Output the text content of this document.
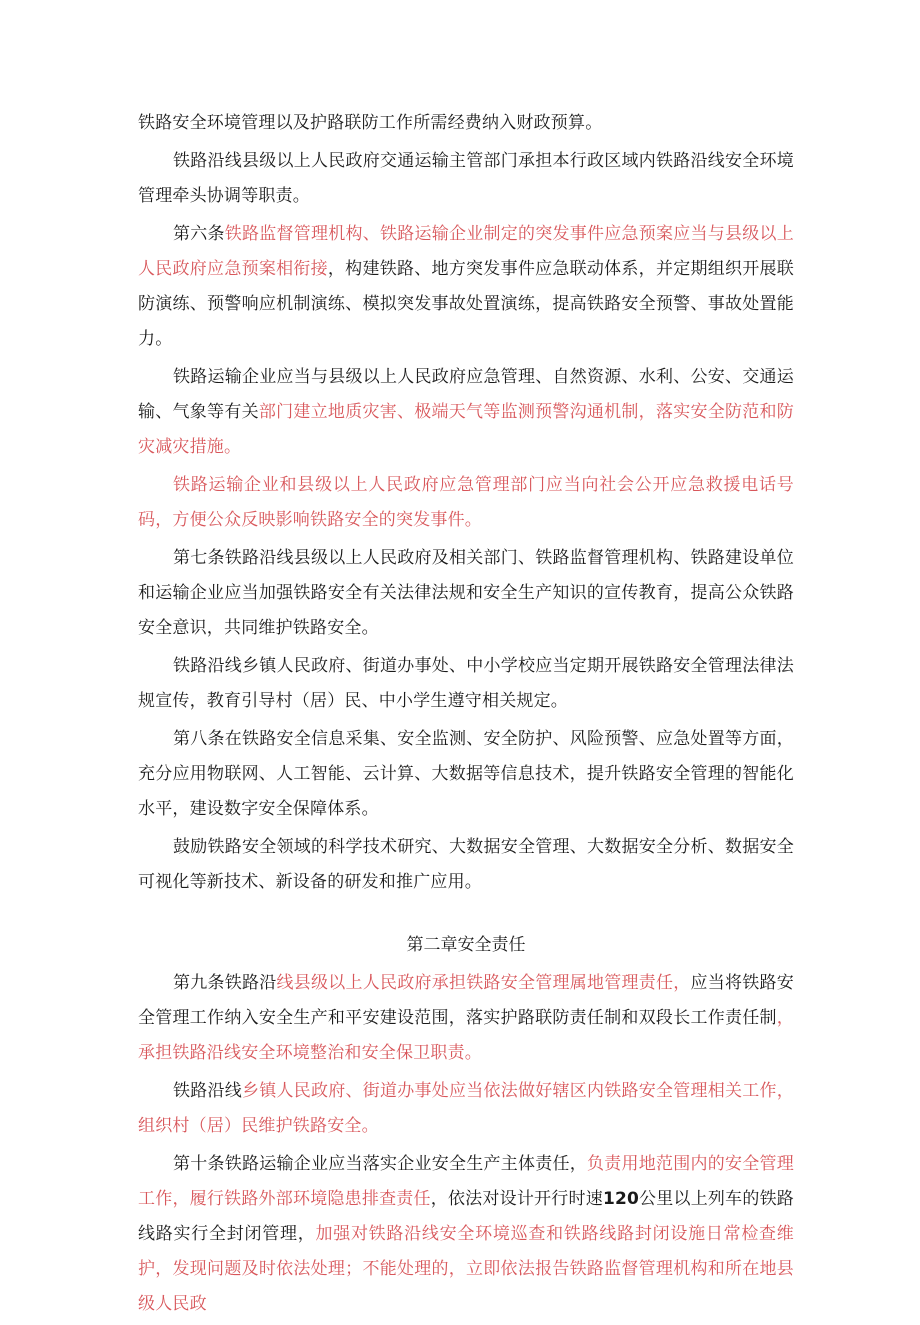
铁路安全环境管理以及护路联防工作所需经费纳入财政预算。

铁路沿线县级以上人民政府交通运输主管部门承担本行政区域内铁路沿线安全环境管理牵头协调等职责。

第六条铁路监督管理机构、铁路运输企业制定的突发事件应急预案应当与县级以上人民政府应急预案相衔接，构建铁路、地方突发事件应急联动体系，并定期组织开展联防演练、预警响应机制演练、模拟突发事故处置演练，提高铁路安全预警、事故处置能力。

铁路运输企业应当与县级以上人民政府应急管理、自然资源、水利、公安、交通运输、气象等有关部门建立地质灾害、极端天气等监测预警沟通机制，落实安全防范和防灾减灾措施。

铁路运输企业和县级以上人民政府应急管理部门应当向社会公开应急救援电话号码，方便公众反映影响铁路安全的突发事件。

第七条铁路沿线县级以上人民政府及相关部门、铁路监督管理机构、铁路建设单位和运输企业应当加强铁路安全有关法律法规和安全生产知识的宣传教育，提高公众铁路安全意识，共同维护铁路安全。

铁路沿线乡镇人民政府、街道办事处、中小学校应当定期开展铁路安全管理法律法规宣传，教育引导村（居）民、中小学生遵守相关规定。

第八条在铁路安全信息采集、安全监测、安全防护、风险预警、应急处置等方面，充分应用物联网、人工智能、云计算、大数据等信息技术，提升铁路安全管理的智能化水平，建设数字安全保障体系。

鼓励铁路安全领域的科学技术研究、大数据安全管理、大数据安全分析、数据安全可视化等新技术、新设备的研发和推广应用。

第二章安全责任

第九条铁路沿线县级以上人民政府承担铁路安全管理属地管理责任，应当将铁路安全管理工作纳入安全生产和平安建设范围，落实护路联防责任制和双段长工作责任制，承担铁路沿线安全环境整治和安全保卫职责。

铁路沿线乡镇人民政府、街道办事处应当依法做好辖区内铁路安全管理相关工作，组织村（居）民维护铁路安全。

第十条铁路运输企业应当落实企业安全生产主体责任，负责用地范围内的安全管理工作，履行铁路外部环境隐患排查责任，依法对设计开行时速120公里以上列车的铁路线路实行全封闭管理，加强对铁路沿线安全环境巡查和铁路线路封闭设施日常检查维护，发现问题及时依法处理；不能处理的，立即依法报告铁路监督管理机构和所在地县级人民政
